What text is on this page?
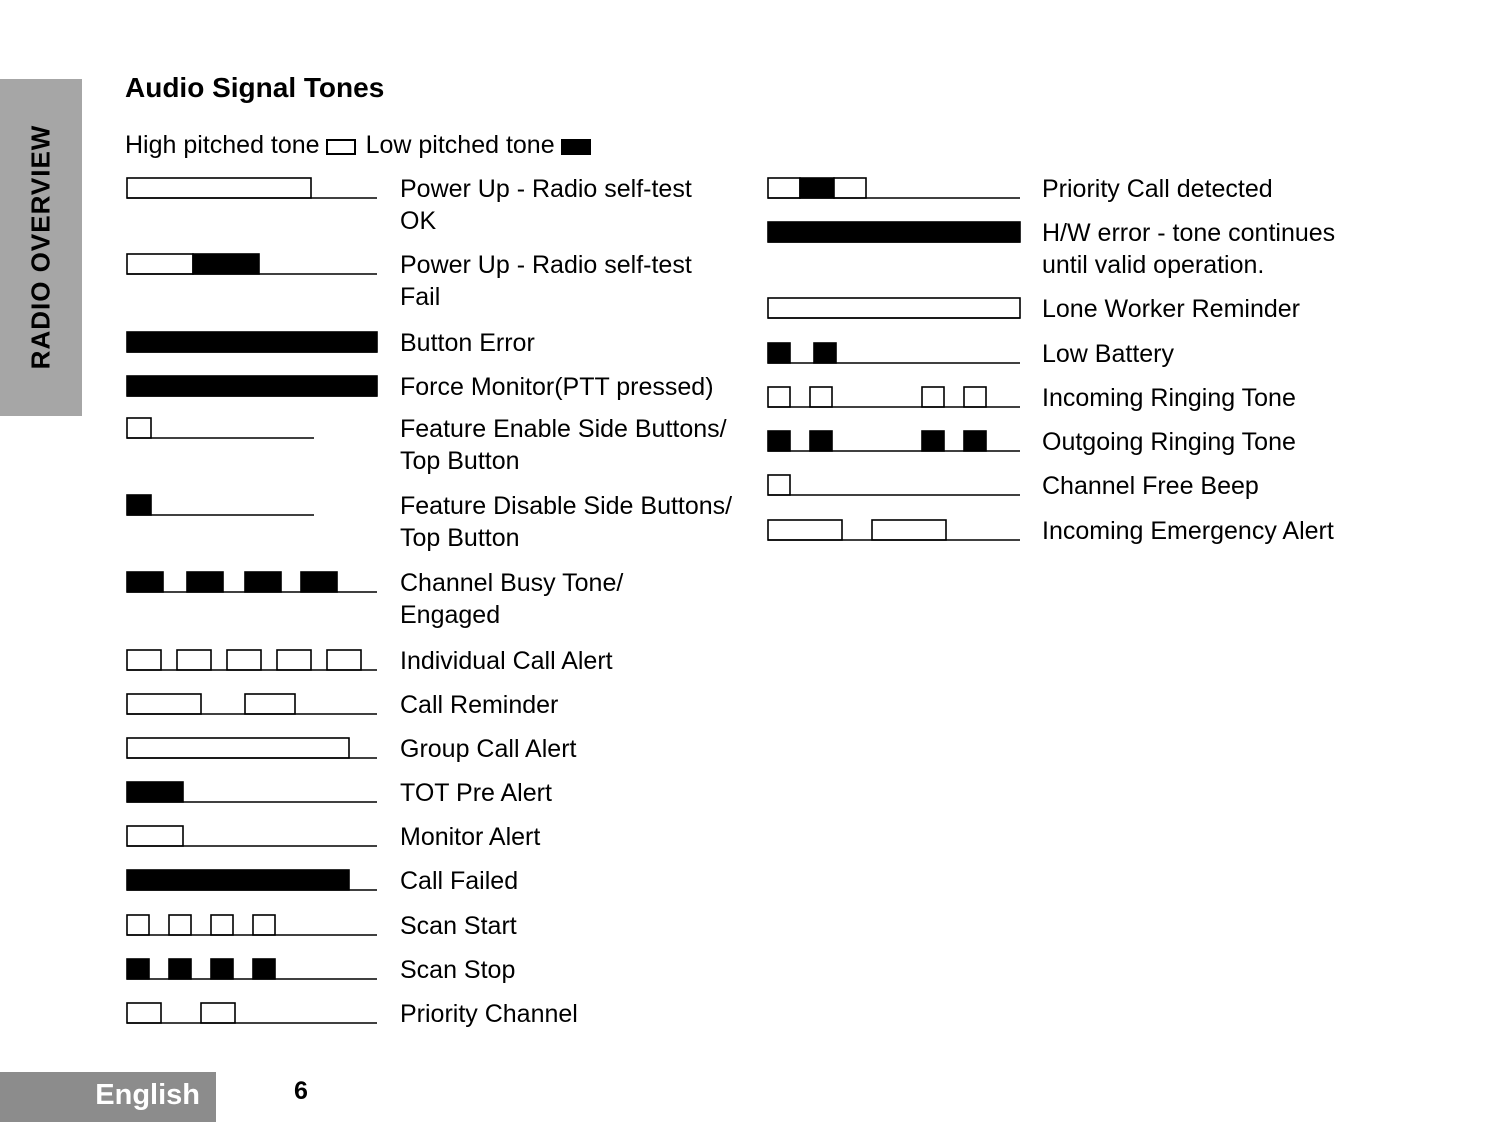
RADIO OVERVIEW
Audio Signal Tones
High pitched tone Low pitched tone
Power Up - Radio self-test
OK
Power Up - Radio self-test
Fail
Button Error
Force Monitor(PTT pressed)
Feature Enable Side Buttons/
Top Button
Feature Disable Side Buttons/
Top Button
Channel Busy Tone/
Engaged
Individual Call Alert
Call Reminder
Group Call Alert
TOT Pre Alert
Monitor Alert
Call Failed
Scan Start
Scan Stop
Priority Channel
Priority Call detected
H/W error - tone continues
until valid operation.
Lone Worker Reminder
Low Battery
Incoming Ringing Tone
Outgoing Ringing Tone
Channel Free Beep
Incoming Emergency Alert
English	6
